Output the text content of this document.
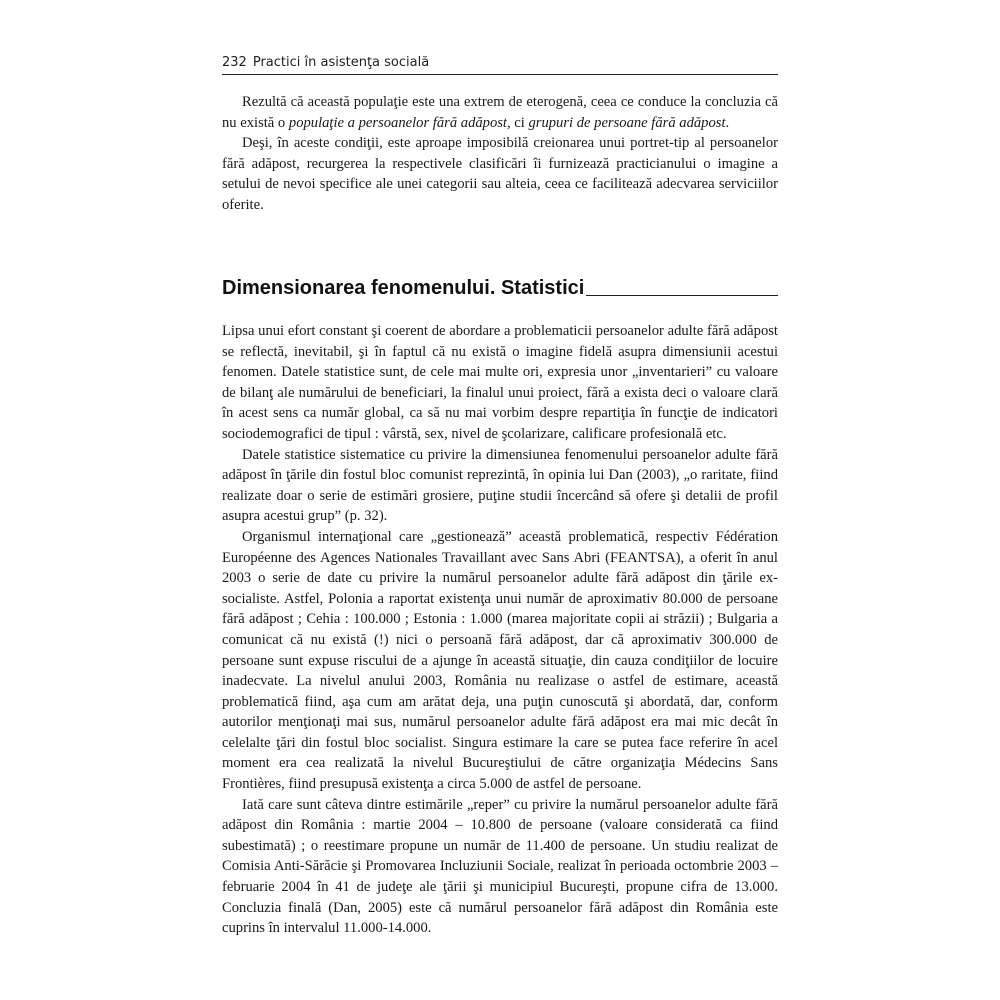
232 Practici în asistenţa socială

Rezultă că această populaţie este una extrem de eterogenă, ceea ce conduce la concluzia că nu există o populaţie a persoanelor fără adăpost, ci grupuri de persoane fără adăpost.

Deşi, în aceste condiţii, este aproape imposibilă creionarea unui portret-tip al persoanelor fără adăpost, recurgerea la respectivele clasificări îi furnizează practicianului o imagine a setului de nevoi specifice ale unei categorii sau alteia, ceea ce facilitează adecvarea serviciilor oferite.

Dimensionarea fenomenului. Statistici

Lipsa unui efort constant şi coerent de abordare a problematicii persoanelor adulte fără adăpost se reflectă, inevitabil, şi în faptul că nu există o imagine fidelă asupra dimensiunii acestui fenomen. Datele statistice sunt, de cele mai multe ori, expresia unor „inventarieri” cu valoare de bilanţ ale numărului de beneficiari, la finalul unui proiect, fără a exista deci o valoare clară în acest sens ca număr global, ca să nu mai vorbim despre repartiţia în funcţie de indicatori sociodemografici de tipul : vârstă, sex, nivel de şcolarizare, calificare profesională etc.

Datele statistice sistematice cu privire la dimensiunea fenomenului persoanelor adulte fără adăpost în ţările din fostul bloc comunist reprezintă, în opinia lui Dan (2003), „o raritate, fiind realizate doar o serie de estimări grosiere, puţine studii încercând să ofere şi detalii de profil asupra acestui grup” (p. 32).

Organismul internaţional care „gestionează” această problematică, respectiv Fédération Européenne des Agences Nationales Travaillant avec Sans Abri (FEANTSA), a oferit în anul 2003 o serie de date cu privire la numărul persoanelor adulte fără adăpost din ţările ex-socialiste. Astfel, Polonia a raportat existenţa unui număr de aproximativ 80.000 de persoane fără adăpost ; Cehia : 100.000 ; Estonia : 1.000 (marea majoritate copii ai străzii) ; Bulgaria a comunicat că nu există (!) nici o persoană fără adăpost, dar că aproximativ 300.000 de persoane sunt expuse riscului de a ajunge în această situaţie, din cauza condiţiilor de locuire inadecvate. La nivelul anului 2003, România nu realizase o astfel de estimare, această problematică fiind, aşa cum am arătat deja, una puţin cunoscută şi abordată, dar, conform autorilor menţionaţi mai sus, numărul persoanelor adulte fără adăpost era mai mic decât în celelalte ţări din fostul bloc socialist. Singura estimare la care se putea face referire în acel moment era cea realizată la nivelul Bucureştiului de către organizaţia Médecins Sans Frontières, fiind presupusă existenţa a circa 5.000 de astfel de persoane.

Iată care sunt câteva dintre estimările „reper” cu privire la numărul persoanelor adulte fără adăpost din România : martie 2004 – 10.800 de persoane (valoare considerată ca fiind subestimată) ; o reestimare propune un număr de 11.400 de persoane. Un studiu realizat de Comisia Anti-Sărăcie şi Promovarea Incluziunii Sociale, realizat în perioada octombrie 2003 – februarie 2004 în 41 de judeţe ale ţării şi municipiul Bucureşti, propune cifra de 13.000. Concluzia finală (Dan, 2005) este că numărul persoanelor fără adăpost din România este cuprins în intervalul 11.000-14.000.
